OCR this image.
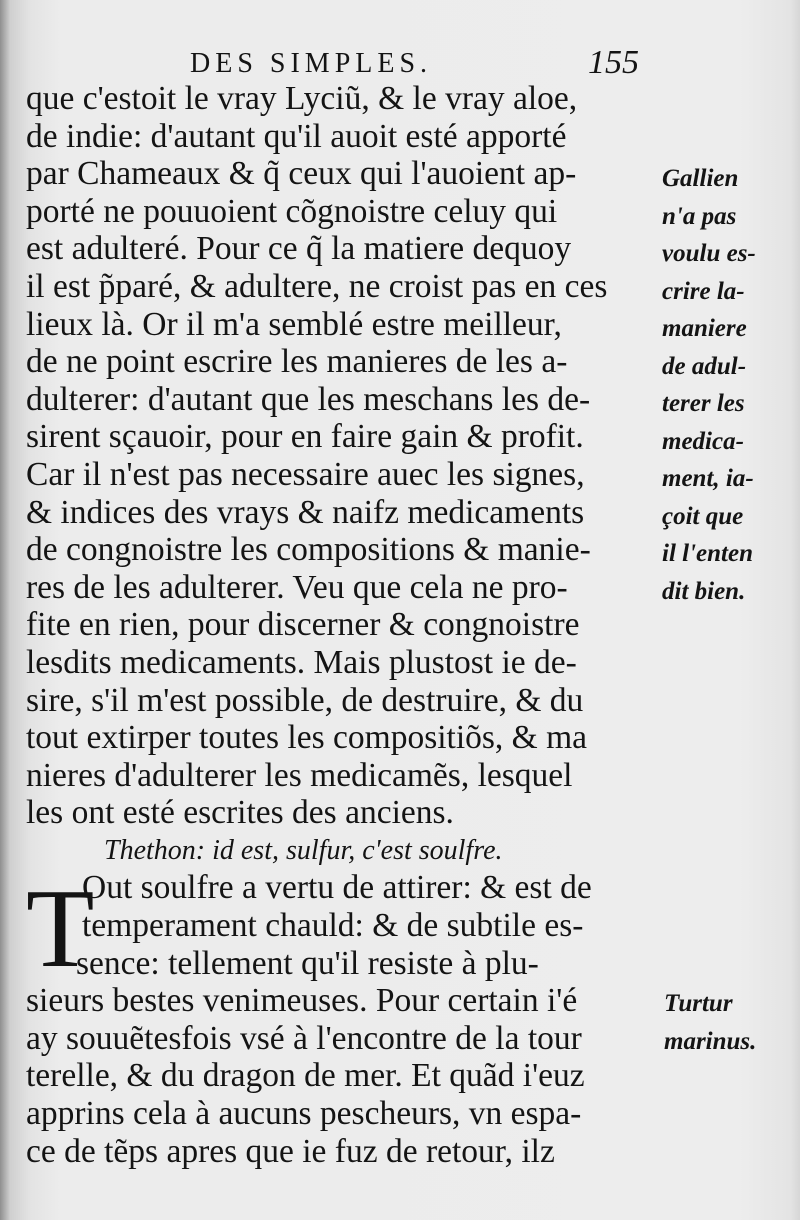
DES SIMPLES.	155
que c'estoit le vray Lyciũ, & le vray aloe,
de indie: d'autant qu'il auoit esté apporté
par Chameaux & q̃ ceux qui l'auoient ap-
porté ne pouuoient cõgnoistre celuy qui
est adulteré. Pour ce q̃ la matiere dequoy
il est p̃paré, & adultere, ne croist pas en ces
lieux là. Or il m'a semblé estre meilleur,
de ne point escrire les manieres de les a-
dulterer: d'autant que les meschans les de-
sirent sçauoir, pour en faire gain & profit.
Car il n'est pas necessaire auec les signes,
& indices des vrays & naifz medicaments
de congnoistre les compositions & manie-
res de les adulterer. Veu que cela ne pro-
fite en rien, pour discerner & congnoistre
lesdits medicaments. Mais plustost ie de-
sire, s'il m'est possible, de destruire, & du
tout extirper toutes les compositiõs, & ma
nieres d'adulterer les medicamẽs, lesquel
les ont esté escrites des anciens.
Thethon: id est, sulfur, c'est soulfre.
T
Out soulfre a vertu de attirer: & est de
temperament chauld: & de subtile es-
sence: tellement qu'il resiste à plu-
sieurs bestes venimeuses. Pour certain i'é
ay souuẽtesfois vsé à l'encontre de la tour
terelle, & du dragon de mer. Et quãd i'euz
apprins cela à aucuns pescheurs, vn espa-
ce de tẽps apres que ie fuz de retour, ilz
Gallien
n'a pas
voulu es-
crire la-
maniere
de adul-
terer les
medica-
ment, ia-
çoit que
il l'enten
dit bien.
Turtur
marinus.
